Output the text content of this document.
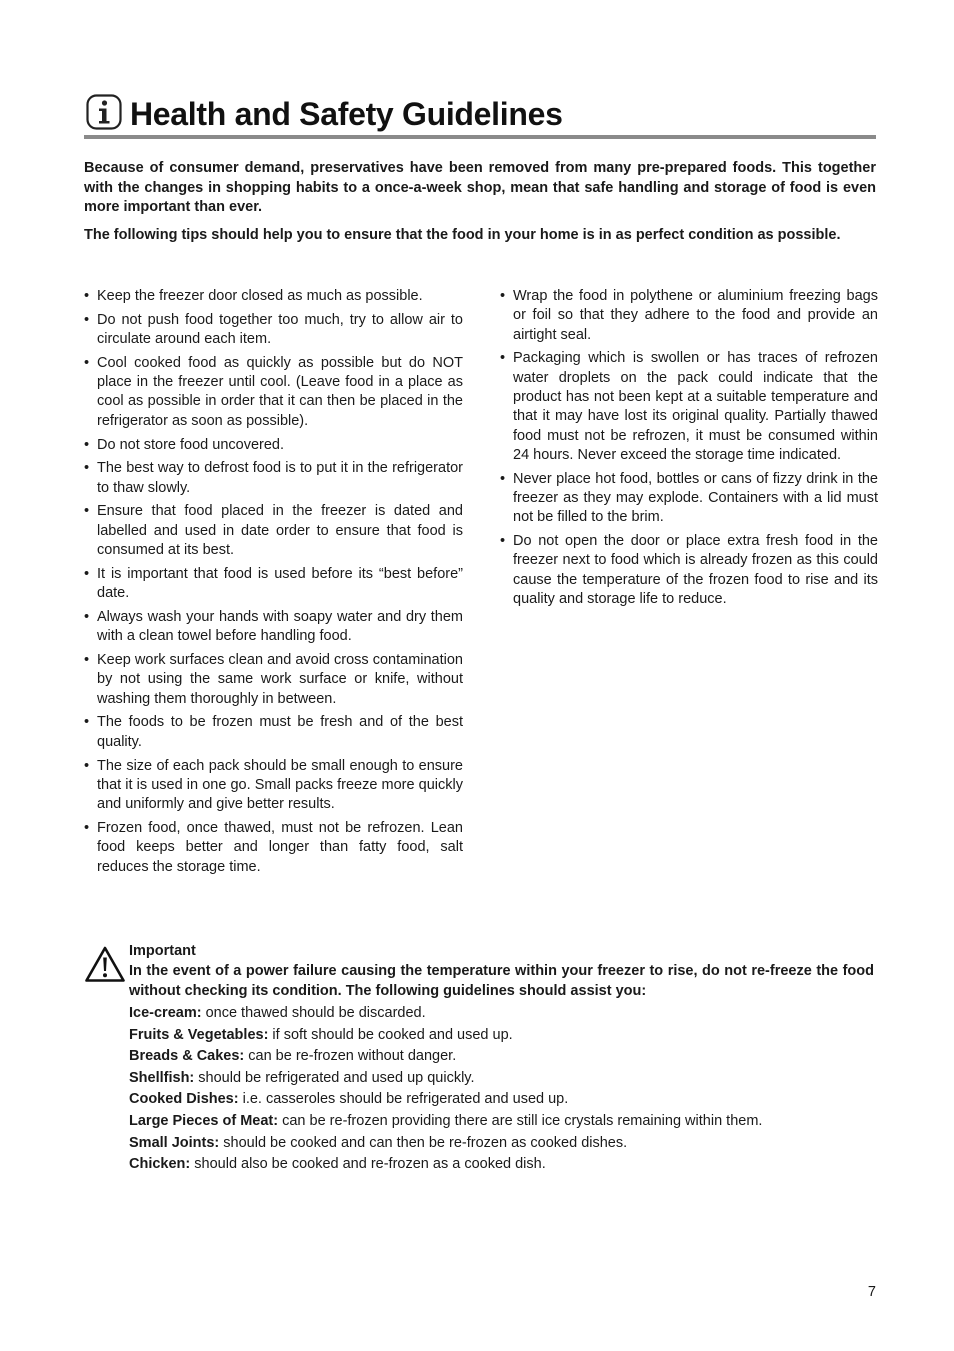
Health and Safety Guidelines

Because of consumer demand, preservatives have been removed from many pre-prepared foods. This together with the changes in shopping habits to a once-a-week shop, mean that safe handling and storage of food is even more important than ever.

The following tips should help you to ensure that the food in your home is in as perfect condition as possible.

• Keep the freezer door closed as much as possible.
• Do not push food together too much, try to allow air to circulate around each item.
• Cool cooked food as quickly as possible but do NOT place in the freezer until cool. (Leave food in a place as cool as possible in order that it can then be placed in the refrigerator as soon as possible).
• Do not store food uncovered.
• The best way to defrost food is to put it in the refrigerator to thaw slowly.
• Ensure that food placed in the freezer is dated and labelled and used in date order to ensure that food is consumed at its best.
• It is important that food is used before its “best before” date.
• Always wash your hands with soapy water and dry them with a clean towel before handling food.
• Keep work surfaces clean and avoid cross contamination by not using the same work surface or knife, without washing them thoroughly in between.
• The foods to be frozen must be fresh and of the best quality.
• The size of each pack should be small enough to ensure that it is used in one go. Small packs freeze more quickly and uniformly and give better results.
• Frozen food, once thawed, must not be refrozen. Lean food keeps better and longer than fatty food, salt reduces the storage time.
• Wrap the food in polythene or aluminium freezing bags or foil so that they adhere to the food and provide an airtight seal.
• Packaging which is swollen or has traces of refrozen water droplets on the pack could indicate that the product has not been kept at a suitable temperature and that it may have lost its original quality. Partially thawed food must not be refrozen, it must be consumed within 24 hours. Never exceed the storage time indicated.
• Never place hot food, bottles or cans of fizzy drink in the freezer as they may explode. Containers with a lid must not be filled to the brim.
• Do not open the door or place extra fresh food in the freezer next to food which is already frozen as this could cause the temperature of the frozen food to rise and its quality and storage life to reduce.
Important
In the event of a power failure causing the temperature within your freezer to rise, do not re-freeze the food without checking its condition. The following guidelines should assist you:
Ice-cream: once thawed should be discarded.
Fruits & Vegetables: if soft should be cooked and used up.
Breads & Cakes: can be re-frozen without danger.
Shellfish: should be refrigerated and used up quickly.
Cooked Dishes: i.e. casseroles should be refrigerated and used up.
Large Pieces of Meat: can be re-frozen providing there are still ice crystals remaining within them.
Small Joints: should be cooked and can then be re-frozen as cooked dishes.
Chicken: should also be cooked and re-frozen as a cooked dish.
7
